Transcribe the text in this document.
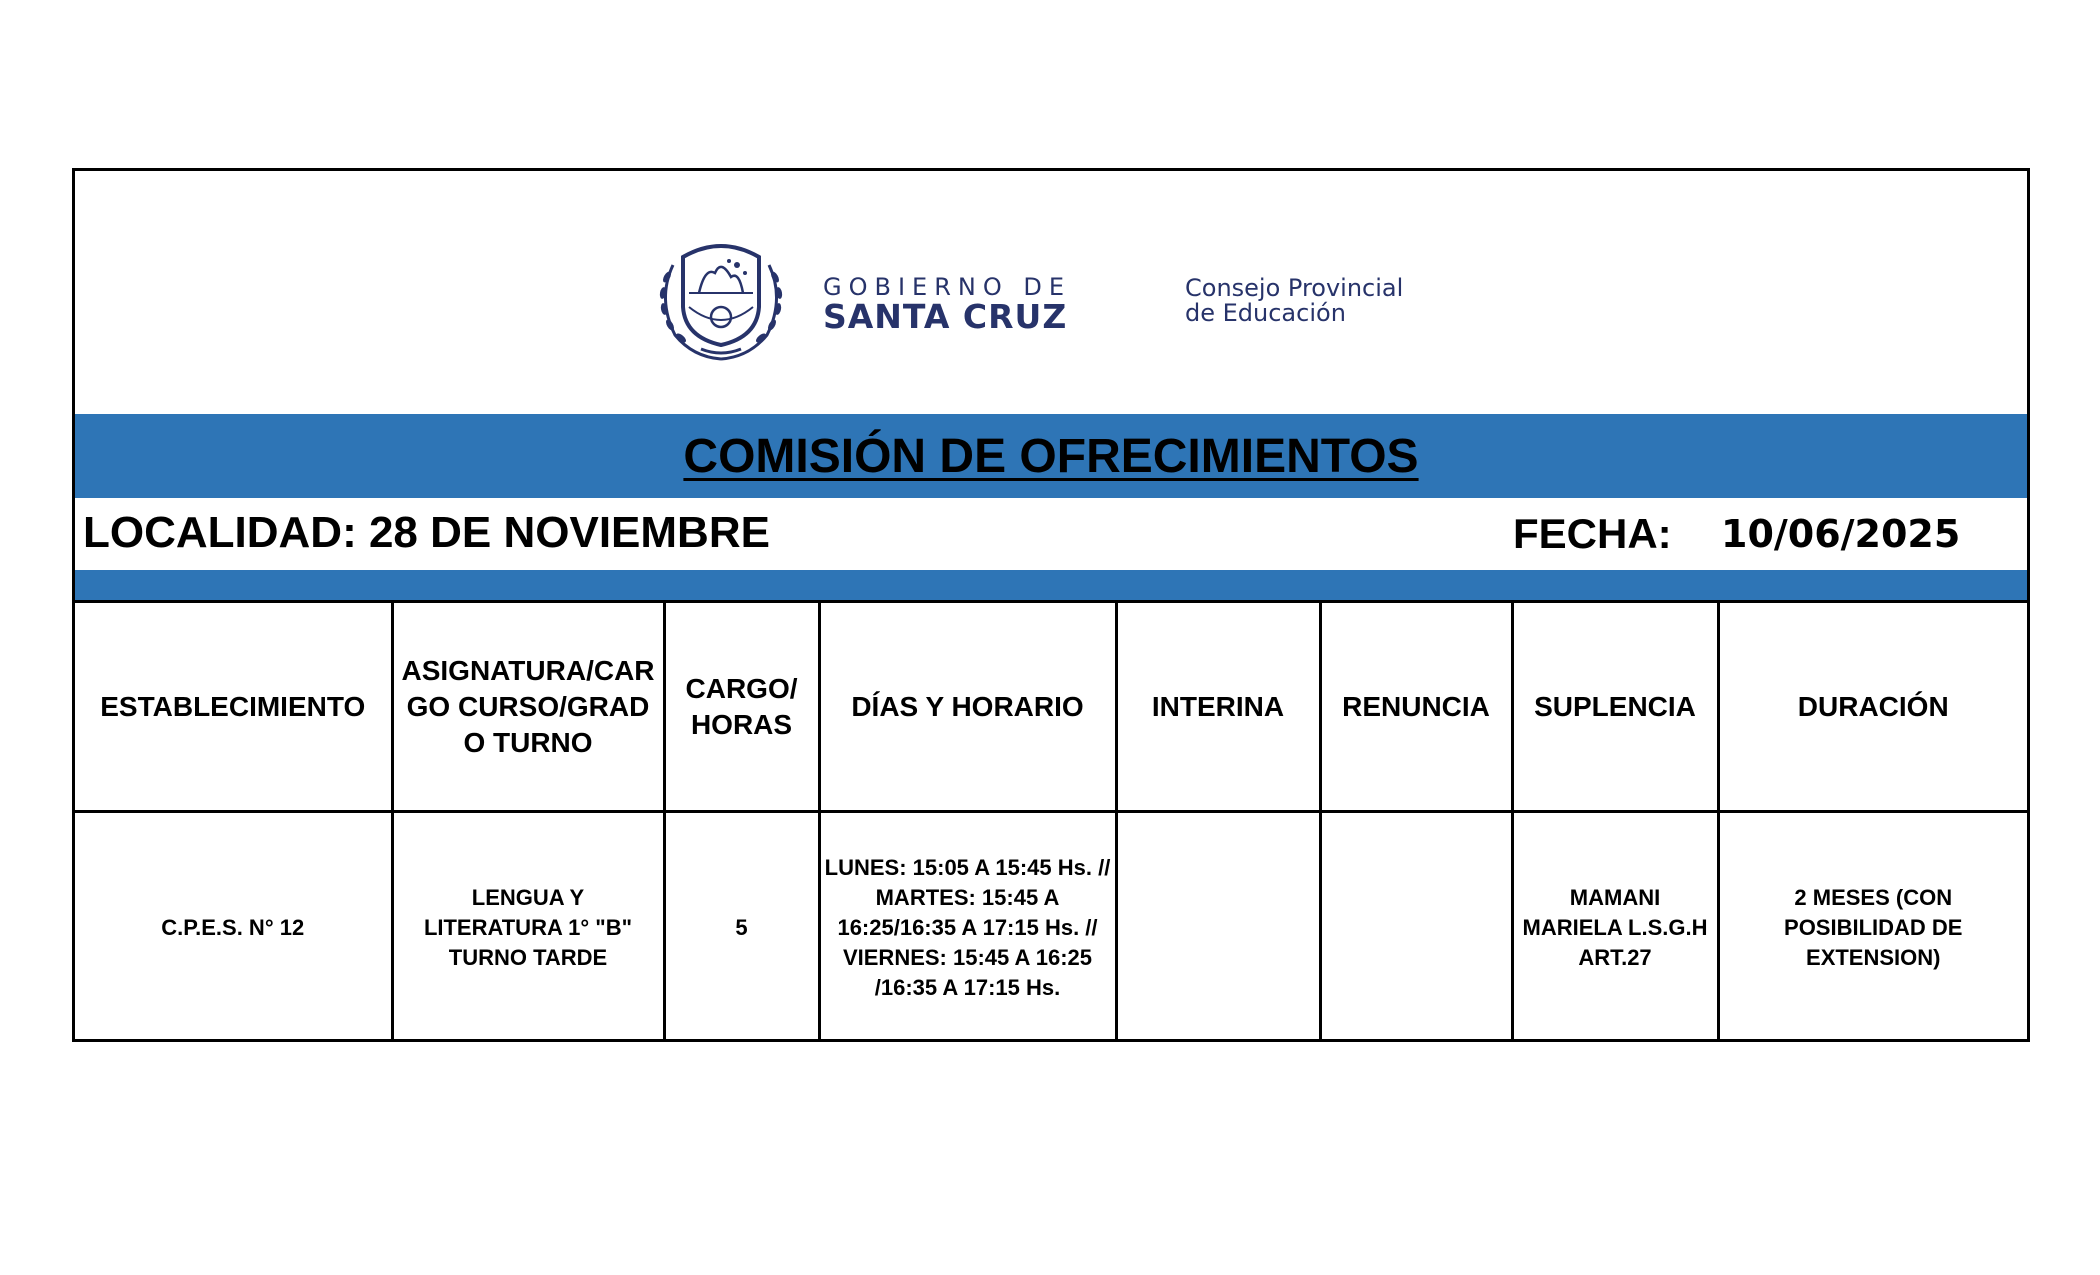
GOBIERNO DE
SANTA CRUZ
Consejo Provincial
de Educación
COMISIÓN DE OFRECIMIENTOS
LOCALIDAD: 28 DE NOVIEMBRE	FECHA: 10/06/2025
ESTABLECIMIENTO	ASIGNATURA/CARGO CURSO/GRADO TURNO	CARGO/ HORAS	DÍAS Y HORARIO	INTERINA	RENUNCIA	SUPLENCIA	DURACIÓN
C.P.E.S. N° 12	LENGUA Y LITERATURA 1° "B" TURNO TARDE	5	LUNES: 15:05 A 15:45 Hs. // MARTES: 15:45 A 16:25/16:35 A 17:15 Hs. // VIERNES: 15:45 A 16:25 /16:35 A 17:15 Hs.			MAMANI MARIELA L.S.G.H ART.27	2 MESES (CON POSIBILIDAD DE EXTENSION)
